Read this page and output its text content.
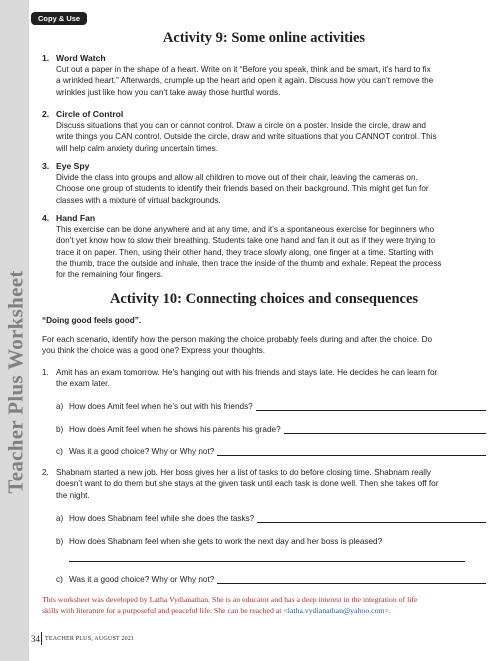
Teacher Plus Worksheet
Copy & Use
Activity 9: Some online activities
1. Word Watch
Cut out a paper in the shape of a heart. Write on it “Before you speak, think and be smart, it’s hard to fix
a wrinkled heart.” Afterwards, crumple up the heart and open it again. Discuss how you can’t remove the
wrinkles just like how you can’t take away those hurtful words.
2. Circle of Control
Discuss situations that you can or cannot control. Draw a circle on a poster. Inside the circle, draw and
write things you CAN control. Outside the circle, draw and write situations that you CANNOT control. This
will help calm anxiety during uncertain times.
3. Eye Spy
Divide the class into groups and allow all children to move out of their chair, leaving the cameras on.
Choose one group of students to identify their friends based on their background. This might get fun for
classes with a mixture of virtual backgrounds.
4. Hand Fan
This exercise can be done anywhere and at any time, and it’s a spontaneous exercise for beginners who
don’t yet know how to slow their breathing. Students take one hand and fan it out as if they were trying to
trace it on paper. Then, using their other hand, they trace slowly along, one finger at a time. Starting with
the thumb, trace the outside and inhale, then trace the inside of the thumb and exhale. Repeat the process
for the remaining four fingers.
Activity 10: Connecting choices and consequences
“Doing good feels good”.
For each scenario, identify how the person making the choice probably feels during and after the choice. Do
you think the choice was a good one? Express your thoughts.
1. Amit has an exam tomorrow. He’s hanging out with his friends and stays late. He decides he can learn for
the exam later.
a) How does Amit feel when he’s out with his friends?
b) How does Amit feel when he shows his parents his grade?
c) Was it a good choice? Why or Why not?
2. Shabnam started a new job. Her boss gives her a list of tasks to do before closing time. Shabnam really
doesn’t want to do them but she stays at the given task until each task is done well. Then she takes off for
the night.
a) How does Shabnam feel while she does the tasks?
b) How does Shabnam feel when she gets to work the next day and her boss is pleased?
c) Was it a good choice? Why or Why not?
This worksheet was developed by Latha Vydianathan. She is an educator and has a deep interest in the integration of life
skills with literature for a purposeful and peaceful life. She can be reached at <latha.vydianathan@yahoo.com>.
34 TEACHER PLUS, AUGUST 2021
